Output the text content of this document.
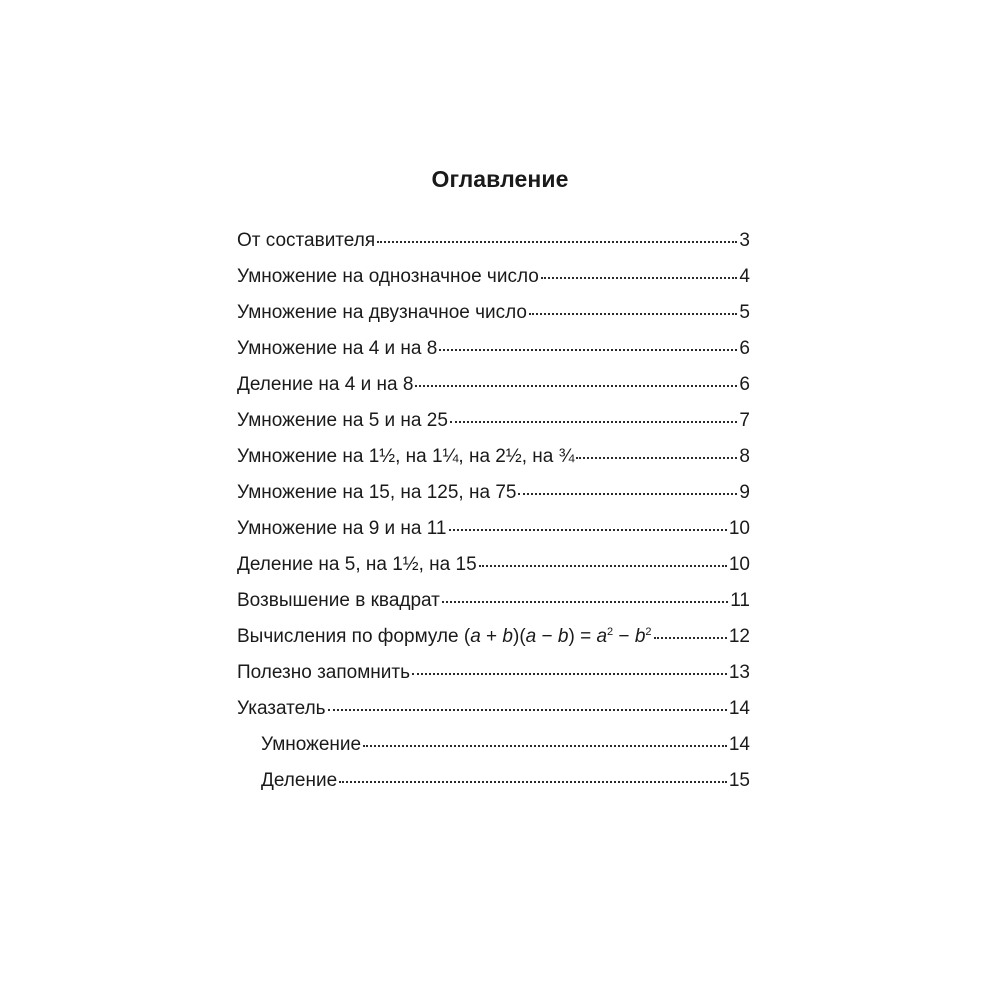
Оглавление
От составителя	3
Умножение на однозначное число	4
Умножение на двузначное число	5
Умножение на 4 и на 8	6
Деление на 4 и на 8	6
Умножение на 5 и на 25	7
Умножение на 1½, на 1¼, на 2½, на ¾	8
Умножение на 15, на 125, на 75	9
Умножение на 9 и на 11	10
Деление на 5, на 1½, на 15	10
Возвышение в квадрат	11
Вычисления по формуле $(a + b)(a - b) = a^2 - b^2$	12
Полезно запомнить	13
Указатель	14
Умножение	14
Деление	15
